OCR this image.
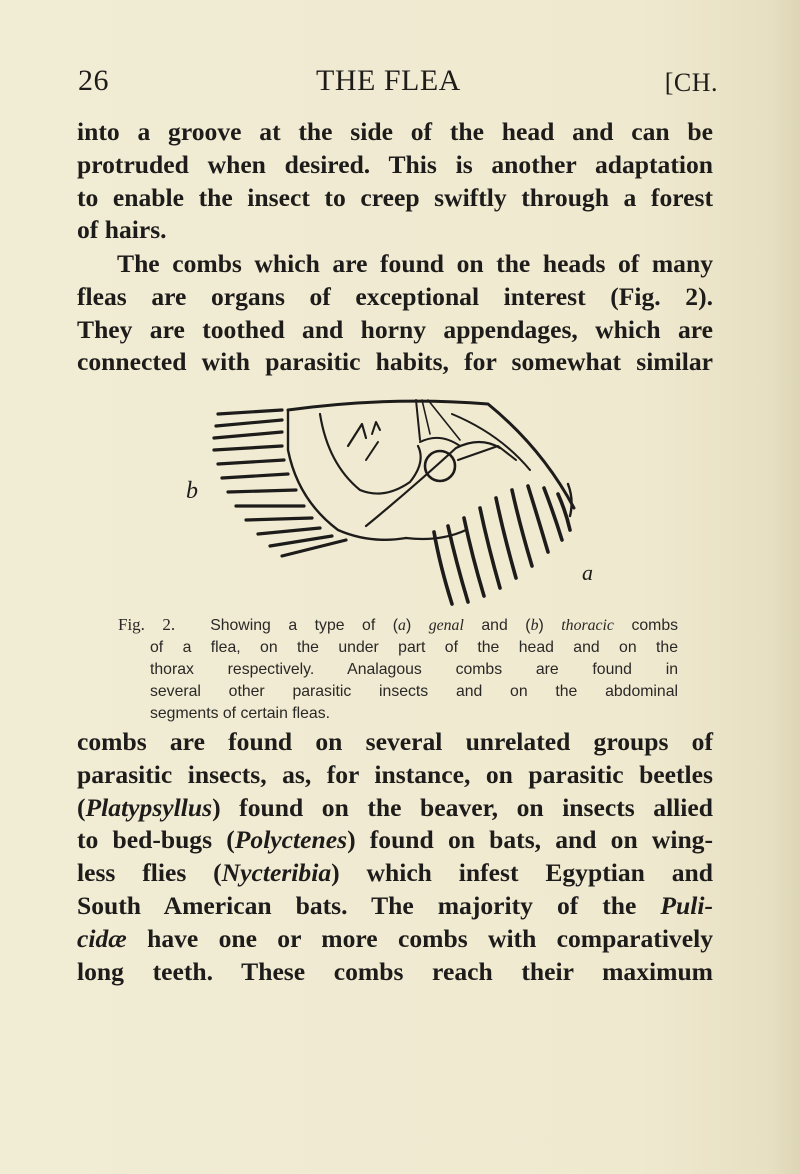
26	THE FLEA	[CH.

into a groove at the side of the head and can be
protruded when desired. This is another adaptation
to enable the insect to creep swiftly through a forest
of hairs.

The combs which are found on the heads of many
fleas are organs of exceptional interest (Fig. 2).
They are toothed and horny appendages, which are
connected with parasitic habits, for somewhat similar

b
a
Fig. 2. Showing a type of (a) genal and (b) thoracic combs
of a flea, on the under part of the head and on the
thorax respectively. Analagous combs are found in
several other parasitic insects and on the abdominal
segments of certain fleas.

combs are found on several unrelated groups of
parasitic insects, as, for instance, on parasitic beetles
(Platypsyllus) found on the beaver, on insects allied
to bed-bugs (Polyctenes) found on bats, and on wing-
less flies (Nycteribia) which infest Egyptian and
South American bats. The majority of the Puli-
cidæ have one or more combs with comparatively
long teeth. These combs reach their maximum
